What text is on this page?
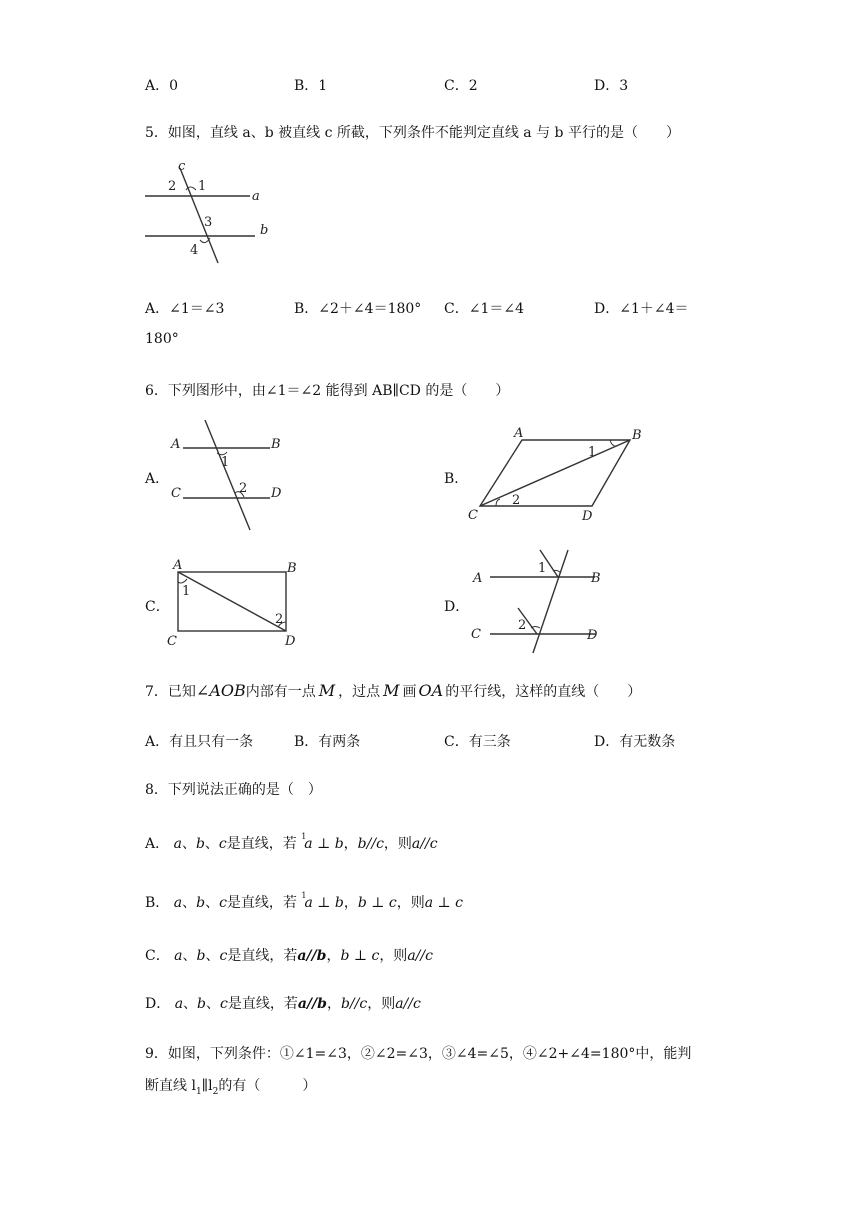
A．0	B．1	C．2	D．3
5．如图，直线 a、b 被直线 c 所截，下列条件不能判定直线 a 与 b 平行的是（　　）
c
a
b
2 1
3
4
A．∠1＝∠3	B．∠2＋∠4＝180° C．∠1＝∠4	D．∠1＋∠4＝
180°
6．下列图形中，由∠1＝∠2 能得到 AB∥CD 的是（　　）
A．
A	B
C	D
1
2
B．
A	B
C	D
1
2
C．
A	B
C	D
1
2
D．
A	B
C	D
1
2
7．已知∠AOB内部有一点 M ，过点 M 画 OA 的平行线，这样的直线（　　）
A．有且只有一条	B．有两条	C．有三条	D．有无数条
8．下列说法正确的是（　）
A． a、b、c是直线，若 $^1$a ⊥ b，b//c，则a//c
B． a、b、c是直线，若 $^1$a ⊥ b，b ⊥ c，则a ⊥ c
C． a、b、c是直线，若a//b，b ⊥ c，则a//c
D． a、b、c是直线，若a//b，b//c，则a//c
9．如图，下列条件：①∠1=∠3，②∠2=∠3，③∠4=∠5，④∠2+∠4=180°中，能判
断直线 $l_1\parallel l_2$的有（　　　）
